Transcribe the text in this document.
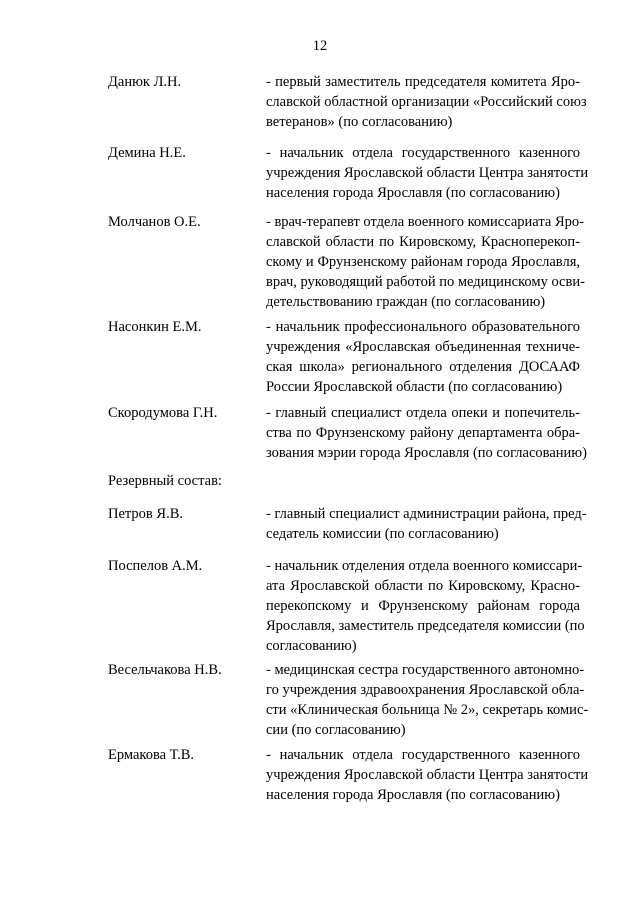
12
Данюк Л.Н.	- первый заместитель председателя комитета Яро-
славской областной организации «Российский союз
ветеранов» (по согласованию)
Демина Н.Е.	- начальник отдела государственного казенного
учреждения Ярославской области Центра занятости
населения города Ярославля (по согласованию)
Молчанов О.Е.	- врач-терапевт отдела военного комиссариата Яро-
славской области по Кировскому, Красноперекоп-
скому и Фрунзенскому районам города Ярославля,
врач, руководящий работой по медицинскому осви-
детельствованию граждан (по согласованию)
Насонкин Е.М.	- начальник профессионального образовательного
учреждения «Ярославская объединенная техниче-
ская школа» регионального отделения ДОСААФ
России Ярославской области (по согласованию)
Скородумова Г.Н.	- главный специалист отдела опеки и попечитель-
ства по Фрунзенскому району департамента обра-
зования мэрии города Ярославля (по согласованию)
Резервный состав:
Петров Я.В.	- главный специалист администрации района, пред-
седатель комиссии (по согласованию)
Поспелов А.М.	- начальник отделения отдела военного комиссари-
ата Ярославской области по Кировскому, Красно-
перекопскому и Фрунзенскому районам города
Ярославля, заместитель председателя комиссии (по
согласованию)
Весельчакова Н.В.	- медицинская сестра государственного автономно-
го учреждения здравоохранения Ярославской обла-
сти «Клиническая больница № 2», секретарь комис-
сии (по согласованию)
Ермакова Т.В.	- начальник отдела государственного казенного
учреждения Ярославской области Центра занятости
населения города Ярославля (по согласованию)
